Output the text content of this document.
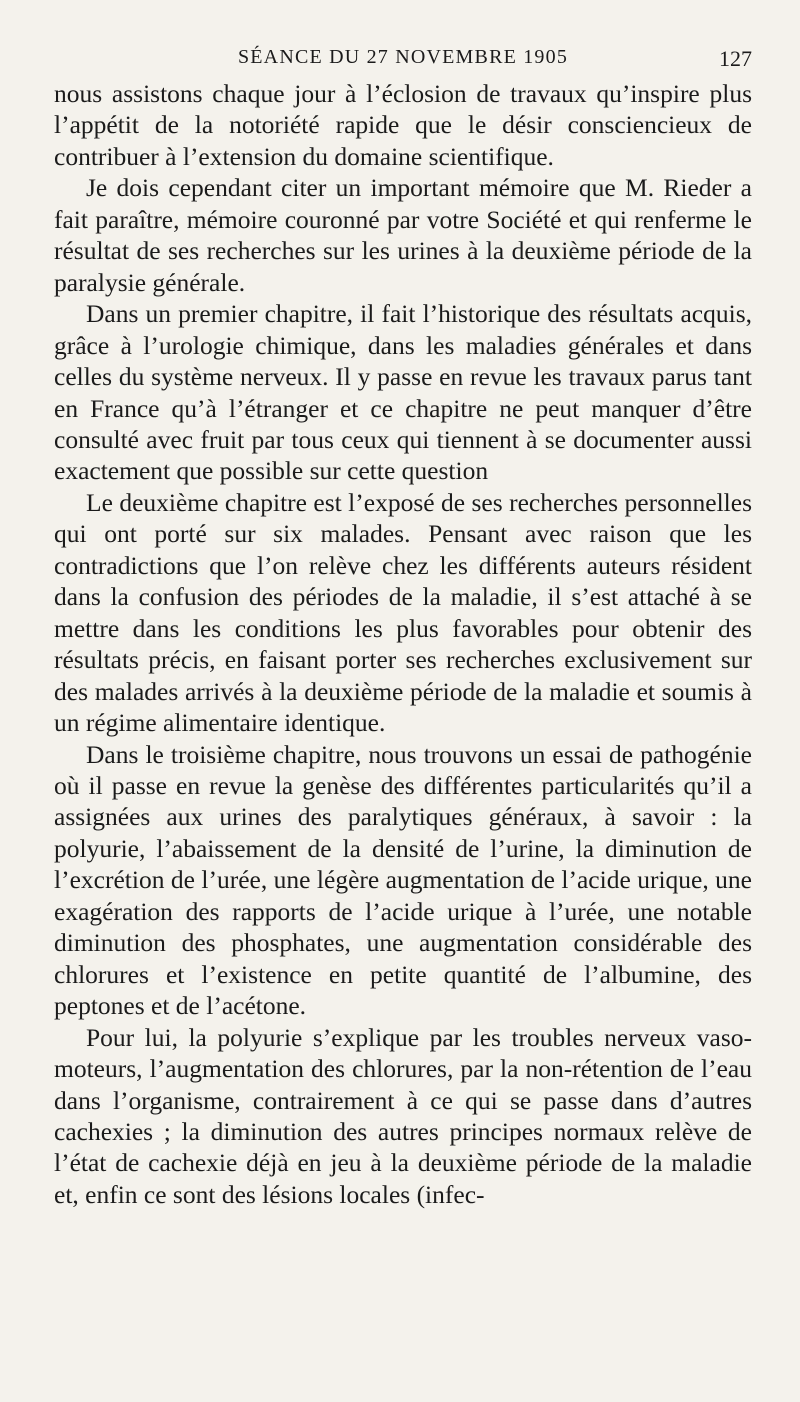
SÉANCE DU 27 NOVEMBRE 1905	127

nous assistons chaque jour à l’éclosion de travaux qu’inspire plus l’appétit de la notoriété rapide que le désir consciencieux de contribuer à l’extension du domaine scientifique.

Je dois cependant citer un important mémoire que M. Rieder a fait paraître, mémoire couronné par votre Société et qui renferme le résultat de ses recherches sur les urines à la deuxième période de la paralysie générale.

Dans un premier chapitre, il fait l’historique des résultats acquis, grâce à l’urologie chimique, dans les maladies générales et dans celles du système nerveux. Il y passe en revue les travaux parus tant en France qu’à l’étranger et ce chapitre ne peut manquer d’être consulté avec fruit par tous ceux qui tiennent à se documenter aussi exactement que possible sur cette question

Le deuxième chapitre est l’exposé de ses recherches personnelles qui ont porté sur six malades. Pensant avec raison que les contradictions que l’on relève chez les différents auteurs résident dans la confusion des périodes de la maladie, il s’est attaché à se mettre dans les conditions les plus favorables pour obtenir des résultats précis, en faisant porter ses recherches exclusivement sur des malades arrivés à la deuxième période de la maladie et soumis à un régime alimentaire identique.

Dans le troisième chapitre, nous trouvons un essai de pathogénie où il passe en revue la genèse des différentes particularités qu’il a assignées aux urines des paralytiques généraux, à savoir : la polyurie, l’abaissement de la densité de l’urine, la diminution de l’excrétion de l’urée, une légère augmentation de l’acide urique, une exagération des rapports de l’acide urique à l’urée, une notable diminution des phosphates, une augmentation considérable des chlorures et l’existence en petite quantité de l’albumine, des peptones et de l’acétone.

Pour lui, la polyurie s’explique par les troubles nerveux vaso-moteurs, l’augmentation des chlorures, par la non-rétention de l’eau dans l’organisme, contrairement à ce qui se passe dans d’autres cachexies ; la diminution des autres principes normaux relève de l’état de cachexie déjà en jeu à la deuxième période de la maladie et, enfin ce sont des lésions locales (infec-
